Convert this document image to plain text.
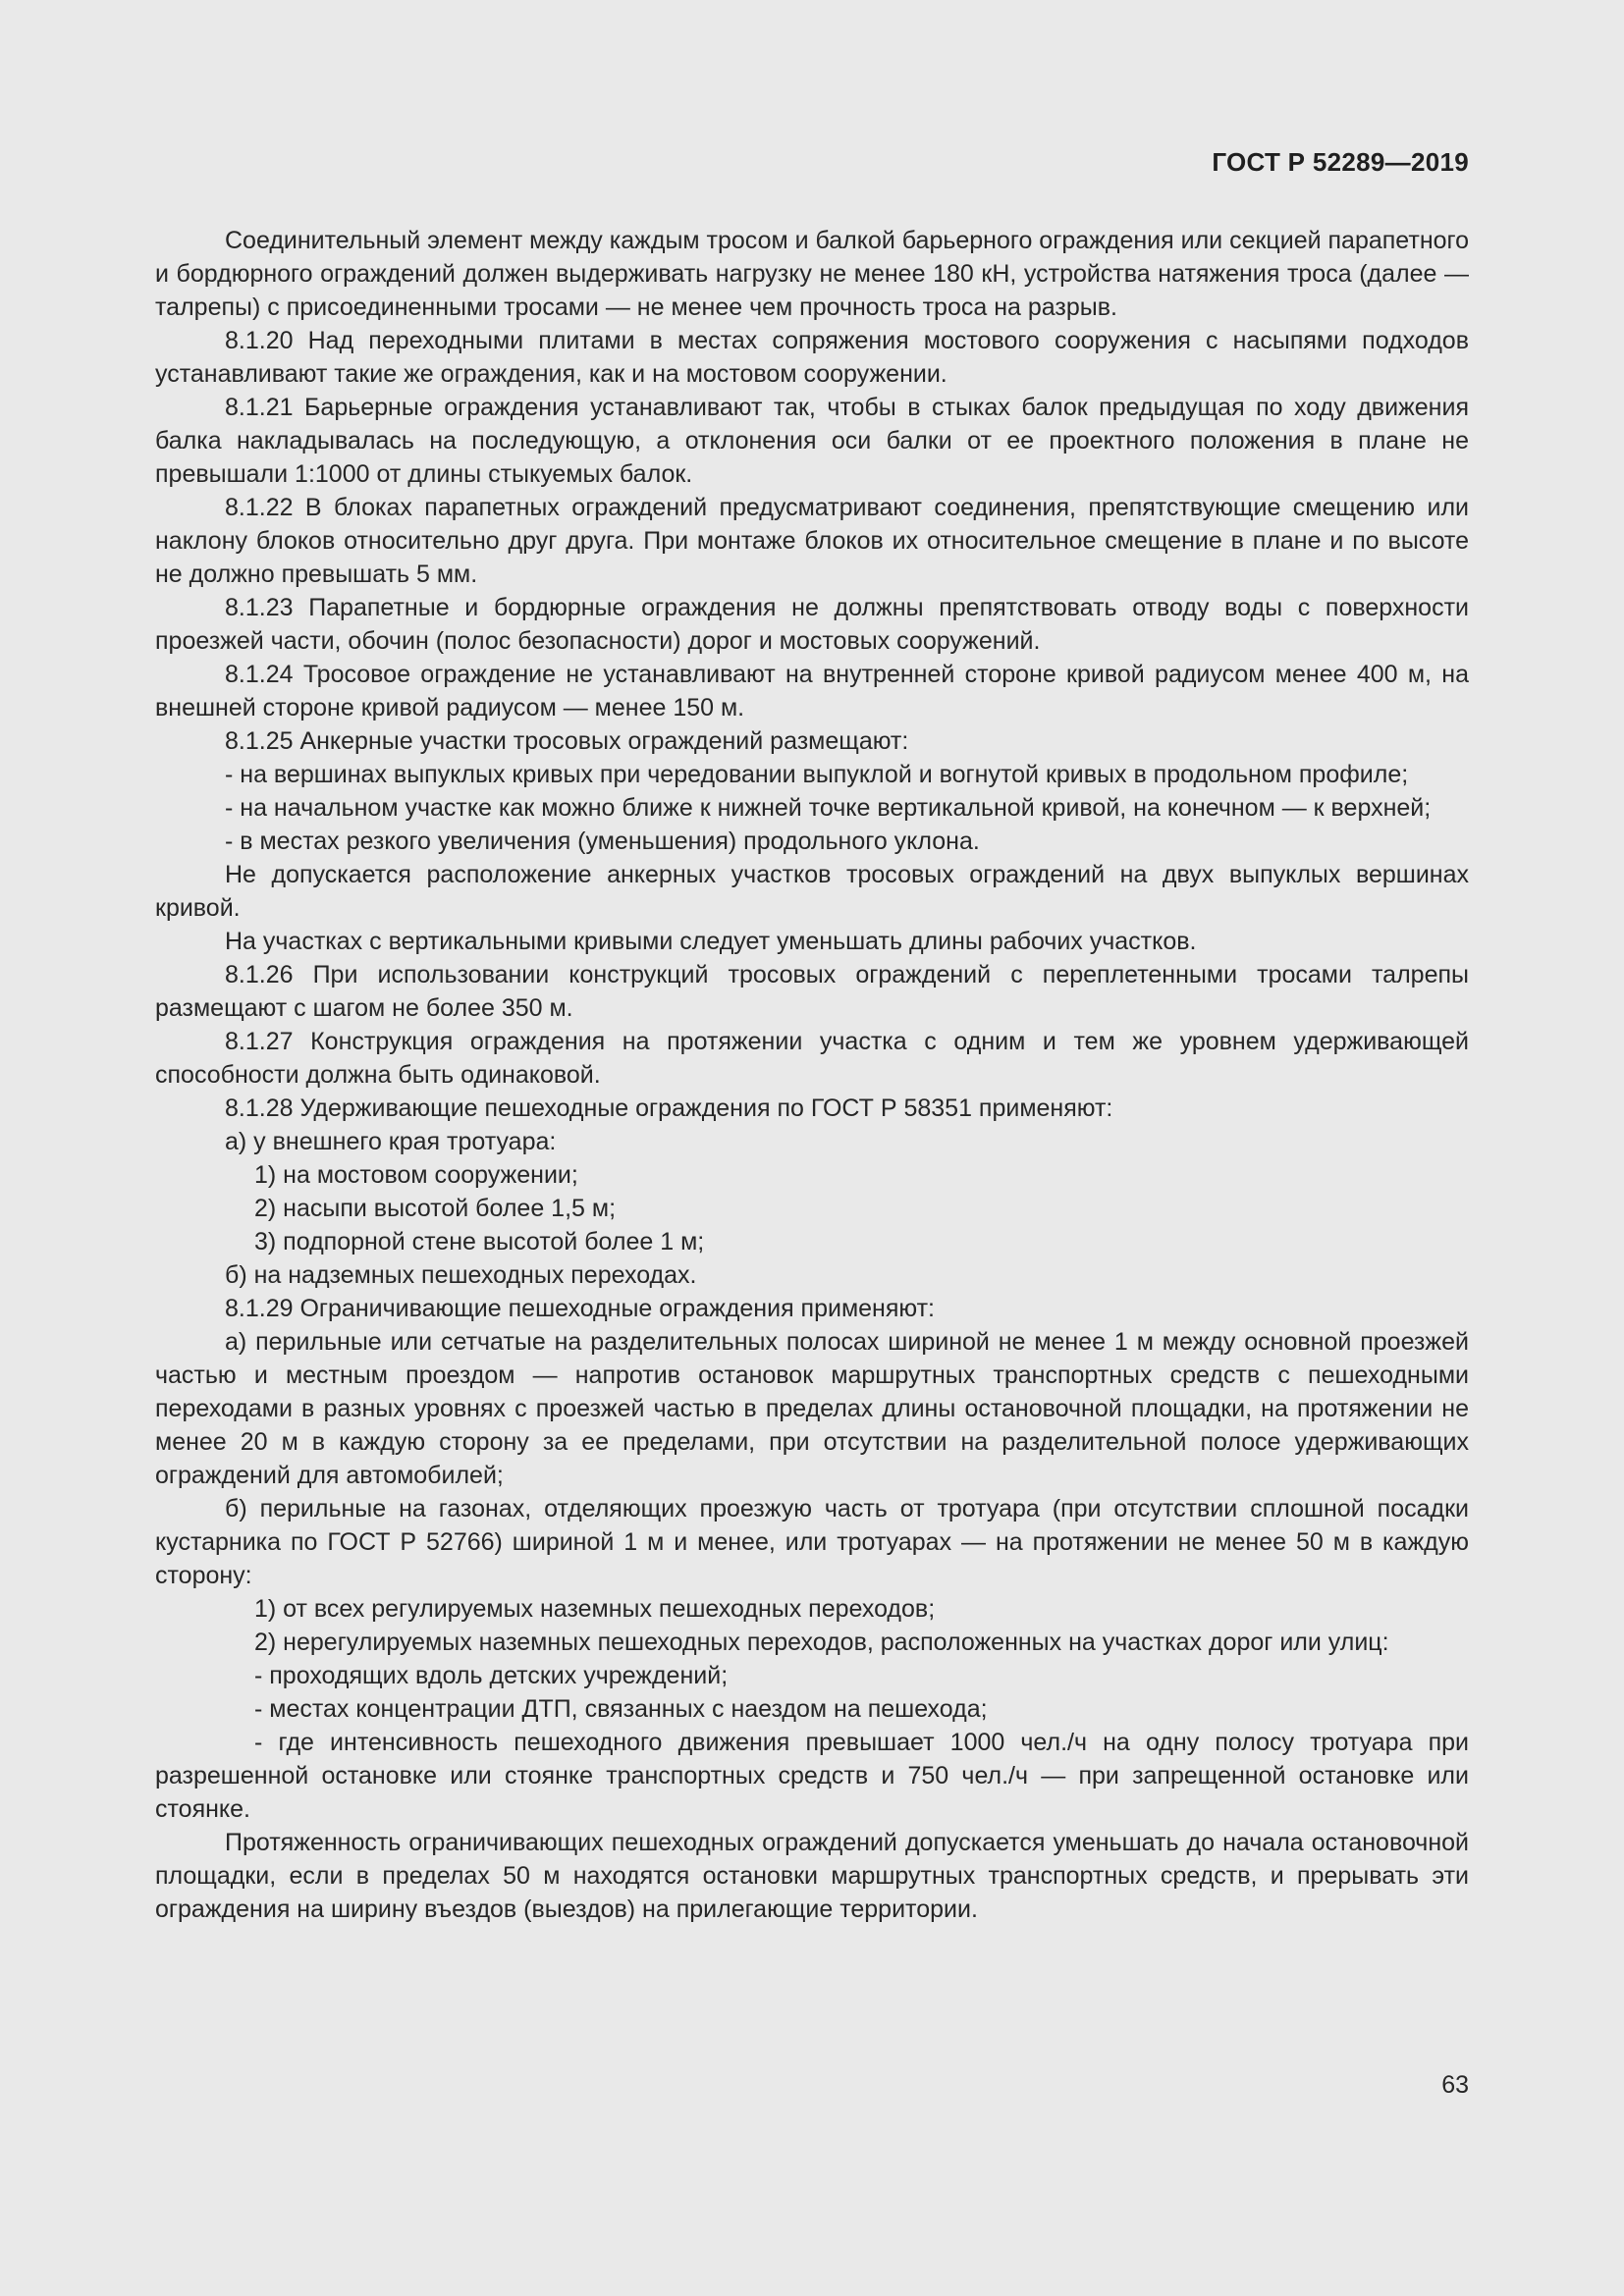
ГОСТ Р 52289—2019

Соединительный элемент между каждым тросом и балкой барьерного ограждения или секцией парапетного и бордюрного ограждений должен выдерживать нагрузку не менее 180 кН, устройства натяжения троса (далее — талрепы) с присоединенными тросами — не менее чем прочность троса на разрыв.

8.1.20 Над переходными плитами в местах сопряжения мостового сооружения с насыпями подходов устанавливают такие же ограждения, как и на мостовом сооружении.

8.1.21 Барьерные ограждения устанавливают так, чтобы в стыках балок предыдущая по ходу движения балка накладывалась на последующую, а отклонения оси балки от ее проектного положения в плане не превышали 1:1000 от длины стыкуемых балок.

8.1.22 В блоках парапетных ограждений предусматривают соединения, препятствующие смещению или наклону блоков относительно друг друга. При монтаже блоков их относительное смещение в плане и по высоте не должно превышать 5 мм.

8.1.23 Парапетные и бордюрные ограждения не должны препятствовать отводу воды с поверхности проезжей части, обочин (полос безопасности) дорог и мостовых сооружений.

8.1.24 Тросовое ограждение не устанавливают на внутренней стороне кривой радиусом менее 400 м, на внешней стороне кривой радиусом — менее 150 м.

8.1.25 Анкерные участки тросовых ограждений размещают:

- на вершинах выпуклых кривых при чередовании выпуклой и вогнутой кривых в продольном профиле;

- на начальном участке как можно ближе к нижней точке вертикальной кривой, на конечном — к верхней;

- в местах резкого увеличения (уменьшения) продольного уклона.

Не допускается расположение анкерных участков тросовых ограждений на двух выпуклых вершинах кривой.

На участках с вертикальными кривыми следует уменьшать длины рабочих участков.

8.1.26 При использовании конструкций тросовых ограждений с переплетенными тросами талрепы размещают с шагом не более 350 м.

8.1.27 Конструкция ограждения на протяжении участка с одним и тем же уровнем удерживающей способности должна быть одинаковой.

8.1.28 Удерживающие пешеходные ограждения по ГОСТ Р 58351 применяют:

а) у внешнего края тротуара:

1) на мостовом сооружении;

2) насыпи высотой более 1,5 м;

3) подпорной стене высотой более 1 м;

б) на надземных пешеходных переходах.

8.1.29 Ограничивающие пешеходные ограждения применяют:

а) перильные или сетчатые на разделительных полосах шириной не менее 1 м между основной проезжей частью и местным проездом — напротив остановок маршрутных транспортных средств с пешеходными переходами в разных уровнях с проезжей частью в пределах длины остановочной площадки, на протяжении не менее 20 м в каждую сторону за ее пределами, при отсутствии на разделительной полосе удерживающих ограждений для автомобилей;

б) перильные на газонах, отделяющих проезжую часть от тротуара (при отсутствии сплошной посадки кустарника по ГОСТ Р 52766) шириной 1 м и менее, или тротуарах — на протяжении не менее 50 м в каждую сторону:

1) от всех регулируемых наземных пешеходных переходов;

2) нерегулируемых наземных пешеходных переходов, расположенных на участках дорог или улиц:

- проходящих вдоль детских учреждений;

- местах концентрации ДТП, связанных с наездом на пешехода;

- где интенсивность пешеходного движения превышает 1000 чел./ч на одну полосу тротуара при разрешенной остановке или стоянке транспортных средств и 750 чел./ч — при запрещенной остановке или стоянке.

Протяженность ограничивающих пешеходных ограждений допускается уменьшать до начала остановочной площадки, если в пределах 50 м находятся остановки маршрутных транспортных средств, и прерывать эти ограждения на ширину въездов (выездов) на прилегающие территории.

63
